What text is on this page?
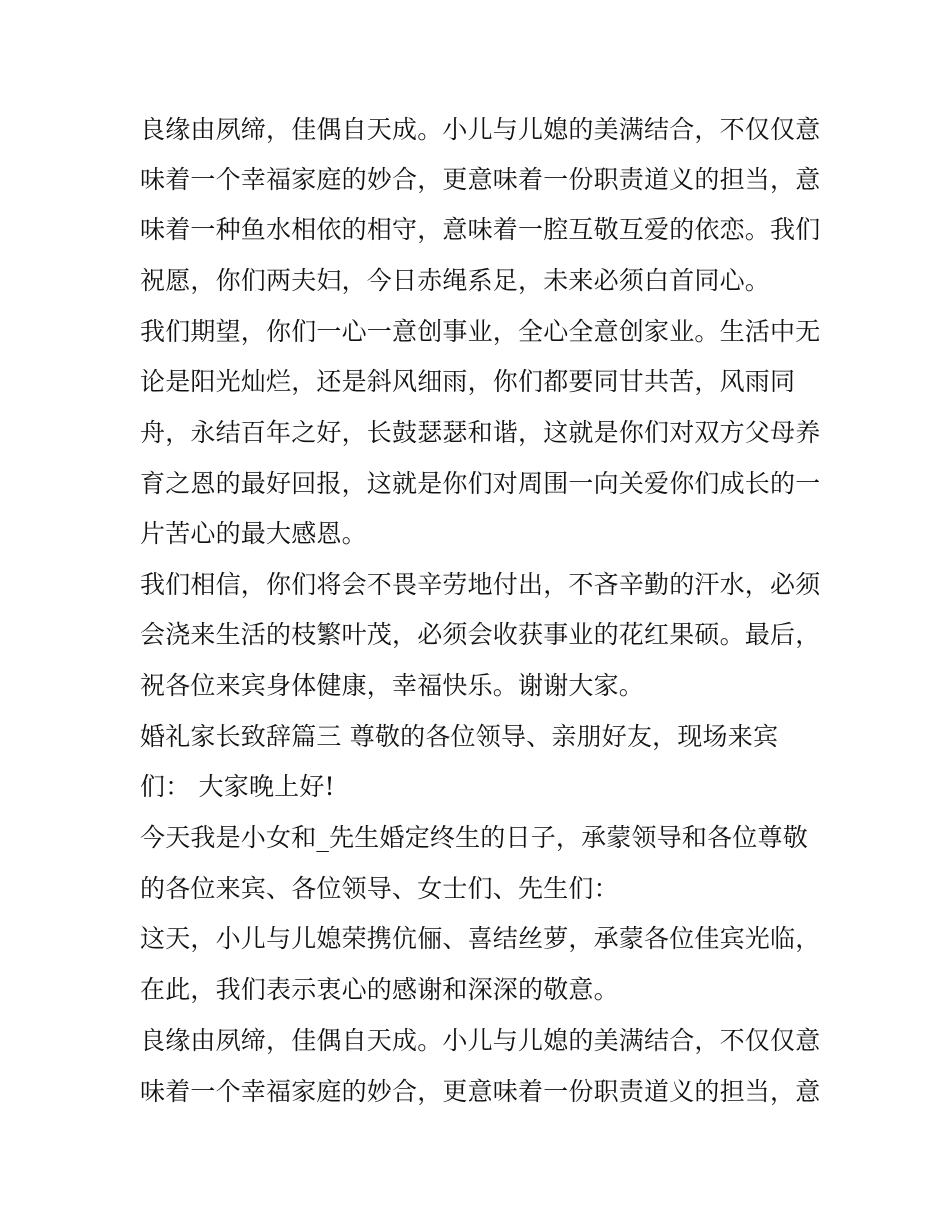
良缘由夙缔，佳偶自天成。小儿与儿媳的美满结合，不仅仅意
味着一个幸福家庭的妙合，更意味着一份职责道义的担当，意
味着一种鱼水相依的相守，意味着一腔互敬互爱的依恋。我们
祝愿，你们两夫妇，今日赤绳系足，未来必须白首同心。
我们期望，你们一心一意创事业，全心全意创家业。生活中无
论是阳光灿烂，还是斜风细雨，你们都要同甘共苦，风雨同
舟，永结百年之好，长鼓瑟瑟和谐，这就是你们对双方父母养
育之恩的最好回报，这就是你们对周围一向关爱你们成长的一
片苦心的最大感恩。
我们相信，你们将会不畏辛劳地付出，不吝辛勤的汗水，必须
会浇来生活的枝繁叶茂，必须会收获事业的花红果硕。最后，
祝各位来宾身体健康，幸福快乐。谢谢大家。
婚礼家长致辞篇三 尊敬的各位领导、亲朋好友，现场来宾
们： 大家晚上好!
今天我是小女和_先生婚定终生的日子，承蒙领导和各位尊敬
的各位来宾、各位领导、女士们、先生们：
这天，小儿与儿媳荣携伉俪、喜结丝萝，承蒙各位佳宾光临，
在此，我们表示衷心的感谢和深深的敬意。
良缘由夙缔，佳偶自天成。小儿与儿媳的美满结合，不仅仅意
味着一个幸福家庭的妙合，更意味着一份职责道义的担当，意
